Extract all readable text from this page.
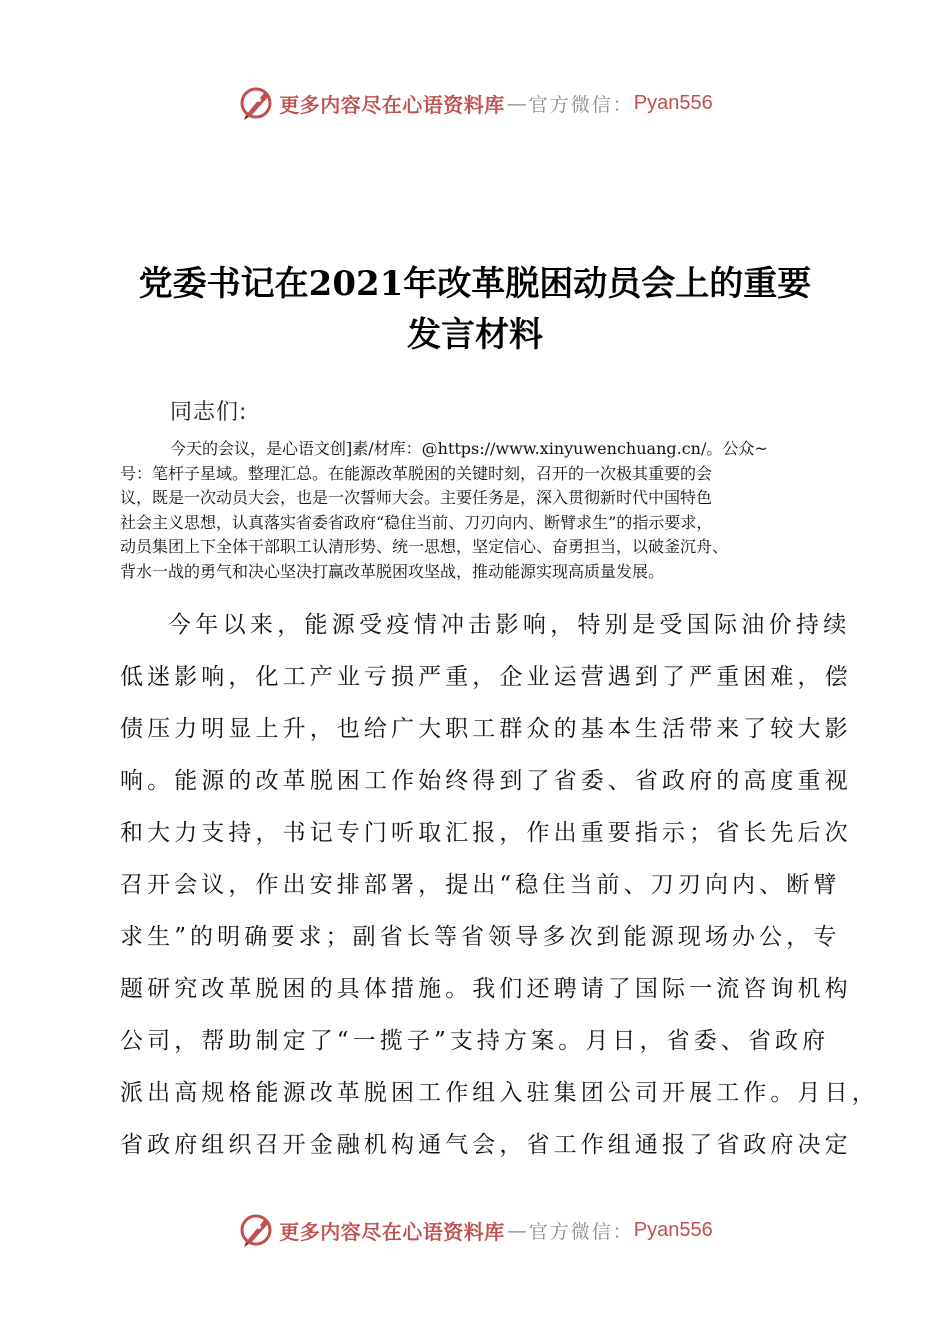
更多内容尽在心语资料库 — 官方微信： Pyan556
党委书记在2021年改革脱困动员会上的重要
发言材料
同志们:
今天的会议，是心语文创]素/材库：@https://www.xinyuwenchuang.cn/。公众~
号：笔杆子星域。整理汇总。在能源改革脱困的关键时刻，召开的一次极其重要的会
议，既是一次动员大会，也是一次誓师大会。主要任务是，深入贯彻新时代中国特色
社会主义思想，认真落实省委省政府“稳住当前、刀刃向内、断臂求生”的指示要求，
动员集团上下全体干部职工认清形势、统一思想，坚定信心、奋勇担当，以破釜沉舟、
背水一战的勇气和决心坚决打赢改革脱困攻坚战，推动能源实现高质量发展。
今年以来，能源受疫情冲击影响，特别是受国际油价持续
低迷影响，化工产业亏损严重，企业运营遇到了严重困难，偿
债压力明显上升，也给广大职工群众的基本生活带来了较大影
响。能源的改革脱困工作始终得到了省委、省政府的高度重视
和大力支持，书记专门听取汇报，作出重要指示；省长先后次
召开会议，作出安排部署，提出“稳住当前、刀刃向内、断臂
求生”的明确要求；副省长等省领导多次到能源现场办公，专
题研究改革脱困的具体措施。我们还聘请了国际一流咨询机构
公司，帮助制定了“一揽子”支持方案。月日，省委、省政府
派出高规格能源改革脱困工作组入驻集团公司开展工作。月日，
省政府组织召开金融机构通气会，省工作组通报了省政府决定
更多内容尽在心语资料库 — 官方微信： Pyan556
